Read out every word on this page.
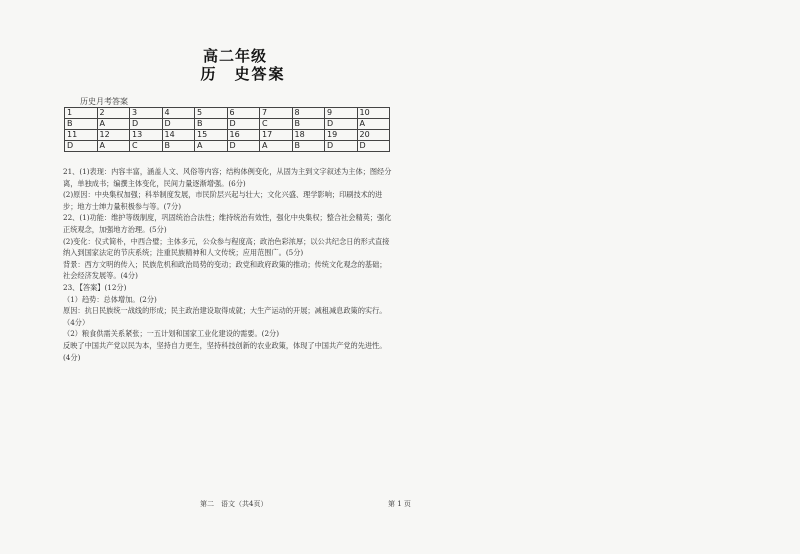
高二年级
历　史答案
历史月考答案
1	2	3	4	5	6	7	8	9	10
B	A	D	D	B	D	C	B	D	A
11	12	13	14	15	16	17	18	19	20
D	A	C	B	A	D	A	B	D	D

21、(1)表现：内容丰富，涵盖人文、风俗等内容；结构体例变化，从固为主到文字叙述为主体；图经分离，单独成书；编撰主体变化，民间力量逐渐增强。(6分)

(2)原因：中央集权加强；科举制度发展，市民阶层兴起与壮大；文化兴盛、理学影响；印刷技术的进步；地方士绅力量积极参与等。(7分)

22、(1)功能：维护等级制度，巩固统治合法性；维持统治有效性，强化中央集权；整合社会精英；强化正统观念，加强地方治理。(5分)

(2)变化：仪式简朴，中西合璧；主体多元，公众参与程度高；政治色彩浓厚；以公共纪念日的形式直接纳入到国家法定的节庆系统；注重民族精神和人文传统；应用范围广。(5分)

背景：西方文明的传入；民族危机和政治局势的变动；政党和政府政策的推动；传统文化观念的基础；社会经济发展等。(4分)

23、【答案】(12分)

（1）趋势：总体增加。(2分)

原因：抗日民族统一战线的形成；民主政治建设取得成就；大生产运动的开展；减租减息政策的实行。（4分）

（2）粮食供需关系紧张；一五计划和国家工业化建设的需要。(2分)

反映了中国共产党以民为本，坚持自力更生，坚持科技创新的农业政策，体现了中国共产党的先进性。(4分)

第二　语文（共4页）	第 1 页
